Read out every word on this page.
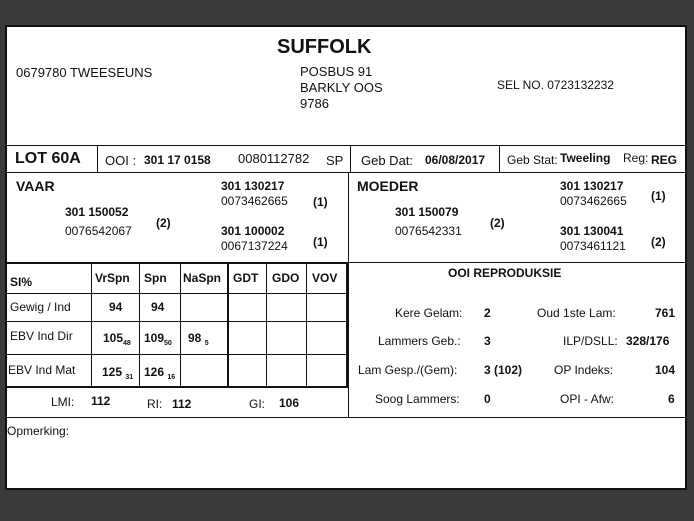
SUFFOLK
0679780 TWEESEUNS	POSBUS 91
BARKLY OOS
9786
SEL NO. 0723132232
LOT 60A OOI : 301 17 0158 0080112782 SP Geb Dat: 06/08/2017 Geb Stat: Tweeling Reg: REG
VAAR
301 150052
0076542067
(2)
301 130217
0073462665 (1)
301 100002
0067137224 (1)
MOEDER
301 150079
0076542331
(2)
301 130217
0073462665 (1)
301 130041
0073461121 (2)
SI%	VrSpn Spn NaSpn GDT GDO VOV
Gewig / Ind	94 94
EBV Ind Dir	$105_{48}$ $109_{50}$ 98 $_5$
EBV Ind Mat 125 $_{31}$ 126 $_{16}$
LMI: 112	RI: 112	GI: 106
OOI REPRODUKSIE
Kere Gelam: 2	Oud 1ste Lam:	761
Lammers Geb.: 3	ILP/DSLL: 328/176
Lam Gesp./(Gem): 3 (102)	OP Indeks:	104
Soog Lammers: 0	OPI - Afw:	6
Opmerking:
